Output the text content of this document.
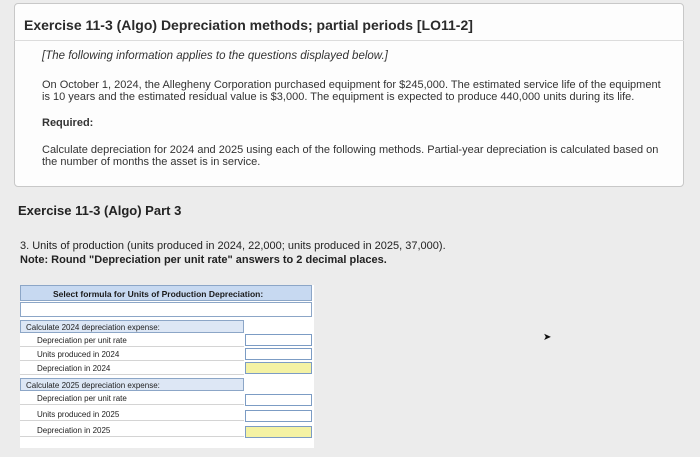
Exercise 11-3 (Algo) Depreciation methods; partial periods [LO11-2]
[The following information applies to the questions displayed below.]
On October 1, 2024, the Allegheny Corporation purchased equipment for $245,000. The estimated service life of the equipment is 10 years and the estimated residual value is $3,000. The equipment is expected to produce 440,000 units during its life.
Required:
Calculate depreciation for 2024 and 2025 using each of the following methods. Partial-year depreciation is calculated based on the number of months the asset is in service.
Exercise 11-3 (Algo) Part 3
3. Units of production (units produced in 2024, 22,000; units produced in 2025, 37,000).
Note: Round "Depreciation per unit rate" answers to 2 decimal places.
Select formula for Units of Production Depreciation:
Calculate 2024 depreciation expense:
Depreciation per unit rate
Units produced in 2024
Depreciation in 2024
Calculate 2025 depreciation expense:
Depreciation per unit rate
Units produced in 2025
Depreciation in 2025
➤
